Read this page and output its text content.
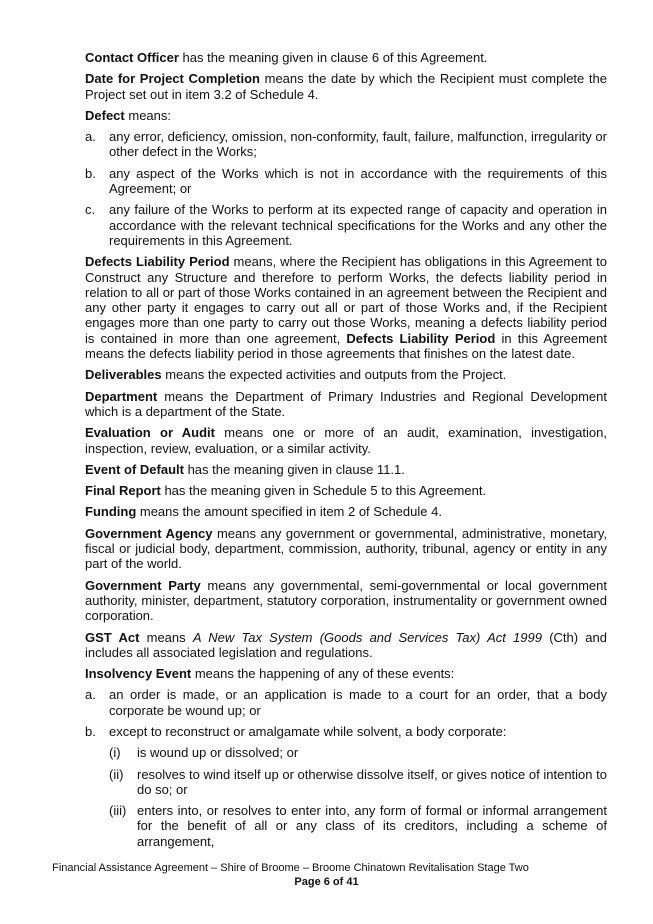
Contact Officer has the meaning given in clause 6 of this Agreement.

Date for Project Completion means the date by which the Recipient must complete the Project set out in item 3.2 of Schedule 4.

Defect means:

a.	any error, deficiency, omission, non-conformity, fault, failure, malfunction, irregularity or other defect in the Works;
b.	any aspect of the Works which is not in accordance with the requirements of this Agreement; or
c.	any failure of the Works to perform at its expected range of capacity and operation in accordance with the relevant technical specifications for the Works and any other the requirements in this Agreement.

Defects Liability Period means, where the Recipient has obligations in this Agreement to Construct any Structure and therefore to perform Works, the defects liability period in relation to all or part of those Works contained in an agreement between the Recipient and any other party it engages to carry out all or part of those Works and, if the Recipient engages more than one party to carry out those Works, meaning a defects liability period is contained in more than one agreement, Defects Liability Period in this Agreement means the defects liability period in those agreements that finishes on the latest date.

Deliverables means the expected activities and outputs from the Project.

Department means the Department of Primary Industries and Regional Development which is a department of the State.

Evaluation or Audit means one or more of an audit, examination, investigation, inspection, review, evaluation, or a similar activity.

Event of Default has the meaning given in clause 11.1.

Final Report has the meaning given in Schedule 5 to this Agreement.

Funding means the amount specified in item 2 of Schedule 4.

Government Agency means any government or governmental, administrative, monetary, fiscal or judicial body, department, commission, authority, tribunal, agency or entity in any part of the world.

Government Party means any governmental, semi-governmental or local government authority, minister, department, statutory corporation, instrumentality or government owned corporation.

GST Act means A New Tax System (Goods and Services Tax) Act 1999 (Cth) and includes all associated legislation and regulations.

Insolvency Event means the happening of any of these events:

a.	an order is made, or an application is made to a court for an order, that a body corporate be wound up; or
b.	except to reconstruct or amalgamate while solvent, a body corporate:
(i)	is wound up or dissolved; or
(ii)	resolves to wind itself up or otherwise dissolve itself, or gives notice of intention to do so; or
(iii) enters into, or resolves to enter into, any form of formal or informal arrangement for the benefit of all or any class of its creditors, including a scheme of arrangement,
Financial Assistance Agreement – Shire of Broome – Broome Chinatown Revitalisation Stage Two
Page 6 of 41
